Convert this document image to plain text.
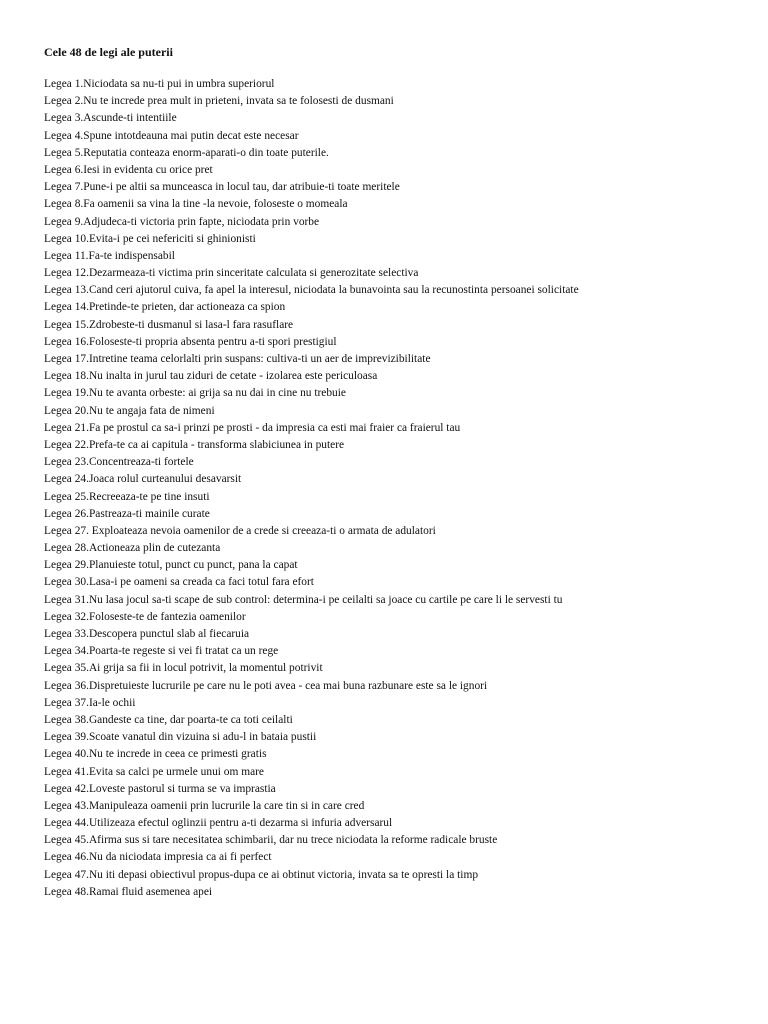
Cele 48 de legi ale puterii
Legea 1.Niciodata sa nu-ti pui in umbra superiorul
Legea 2.Nu te increde prea mult in prieteni, invata sa te folosesti de dusmani
Legea 3.Ascunde-ti intentiile
Legea 4.Spune intotdeauna mai putin decat este necesar
Legea 5.Reputatia conteaza enorm-aparati-o din toate puterile.
Legea 6.Iesi in evidenta cu orice pret
Legea 7.Pune-i pe altii sa munceasca in locul tau, dar atribuie-ti toate meritele
Legea 8.Fa oamenii sa vina la tine -la nevoie, foloseste o momeala
Legea 9.Adjudeca-ti victoria prin fapte, niciodata prin vorbe
Legea 10.Evita-i pe cei nefericiti si ghinionisti
Legea 11.Fa-te indispensabil
Legea 12.Dezarmeaza-ti victima prin sinceritate calculata si generozitate selectiva
Legea 13.Cand ceri ajutorul cuiva, fa apel la interesul, niciodata la bunavointa sau la recunostinta persoanei solicitate
Legea 14.Pretinde-te prieten, dar actioneaza ca spion
Legea 15.Zdrobeste-ti dusmanul si lasa-l fara rasuflare
Legea 16.Foloseste-ti propria absenta pentru a-ti spori prestigiul
Legea 17.Intretine teama celorlalti prin suspans: cultiva-ti un aer de imprevizibilitate
Legea 18.Nu inalta in jurul tau ziduri de cetate - izolarea este periculoasa
Legea 19.Nu te avanta orbeste: ai grija sa nu dai in cine nu trebuie
Legea 20.Nu te angaja fata de nimeni
Legea 21.Fa pe prostul ca sa-i prinzi pe prosti - da impresia ca esti mai fraier ca fraierul tau
Legea 22.Prefa-te ca ai capitula - transforma slabiciunea in putere
Legea 23.Concentreaza-ti fortele
Legea 24.Joaca rolul curteanului desavarsit
Legea 25.Recreeaza-te pe tine insuti
Legea 26.Pastreaza-ti mainile curate
Legea 27. Exploateaza nevoia oamenilor de a crede si creeaza-ti o armata de adulatori
Legea 28.Actioneaza plin de cutezanta
Legea 29.Planuieste totul, punct cu punct, pana la capat
Legea 30.Lasa-i pe oameni sa creada ca faci totul fara efort
Legea 31.Nu lasa jocul sa-ti scape de sub control: determina-i pe ceilalti sa joace cu cartile pe care li le servesti tu
Legea 32.Foloseste-te de fantezia oamenilor
Legea 33.Descopera punctul slab al fiecaruia
Legea 34.Poarta-te regeste si vei fi tratat ca un rege
Legea 35.Ai grija sa fii in locul potrivit, la momentul potrivit
Legea 36.Dispretuieste lucrurile pe care nu le poti avea - cea mai buna razbunare este sa le ignori
Legea 37.Ia-le ochii
Legea 38.Gandeste ca tine, dar poarta-te ca toti ceilalti
Legea 39.Scoate vanatul din vizuina si adu-l in bataia pustii
Legea 40.Nu te increde in ceea ce primesti gratis
Legea 41.Evita sa calci pe urmele unui om mare
Legea 42.Loveste pastorul si turma se va imprastia
Legea 43.Manipuleaza oamenii prin lucrurile la care tin si in care cred
Legea 44.Utilizeaza efectul oglinzii pentru a-ti dezarma si infuria adversarul
Legea 45.Afirma sus si tare necesitatea schimbarii, dar nu trece niciodata la reforme radicale bruste
Legea 46.Nu da niciodata impresia ca ai fi perfect
Legea 47.Nu iti depasi obiectivul propus-dupa ce ai obtinut victoria, invata sa te opresti la timp
Legea 48.Ramai fluid asemenea apei
